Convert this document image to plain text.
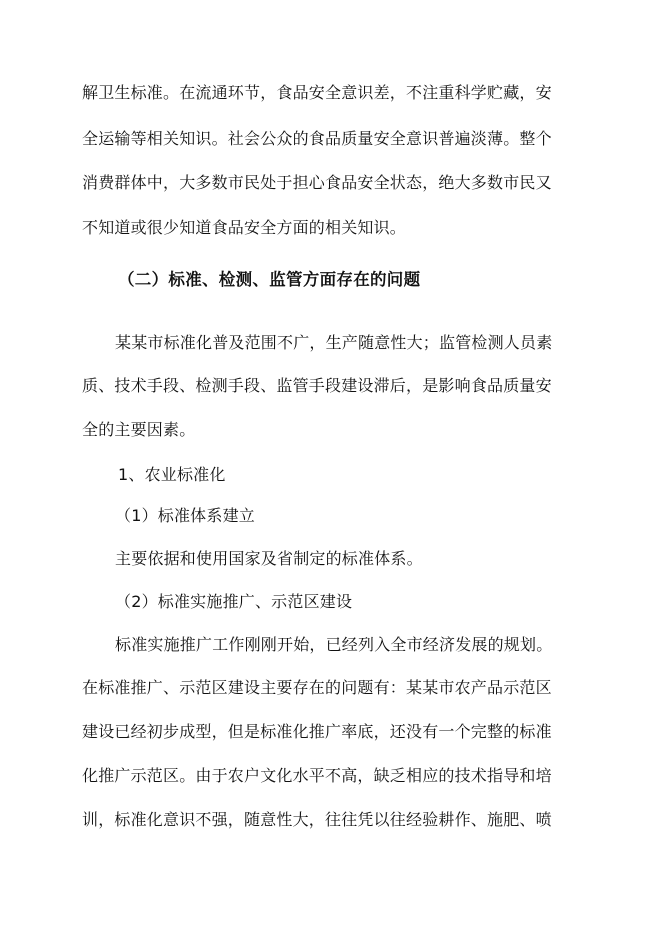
解卫生标准。在流通环节，食品安全意识差，不注重科学贮藏，安
全运输等相关知识。社会公众的食品质量安全意识普遍淡薄。整个
消费群体中，大多数市民处于担心食品安全状态，绝大多数市民又
不知道或很少知道食品安全方面的相关知识。
（二）标准、检测、监管方面存在的问题
某某市标准化普及范围不广，生产随意性大；监管检测人员素
质、技术手段、检测手段、监管手段建设滞后，是影响食品质量安
全的主要因素。
1、农业标准化
（1）标准体系建立
主要依据和使用国家及省制定的标准体系。
（2）标准实施推广、示范区建设
标准实施推广工作刚刚开始，已经列入全市经济发展的规划。
在标准推广、示范区建设主要存在的问题有：某某市农产品示范区
建设已经初步成型，但是标准化推广率底，还没有一个完整的标准
化推广示范区。由于农户文化水平不高，缺乏相应的技术指导和培
训，标准化意识不强，随意性大，往往凭以往经验耕作、施肥、喷
